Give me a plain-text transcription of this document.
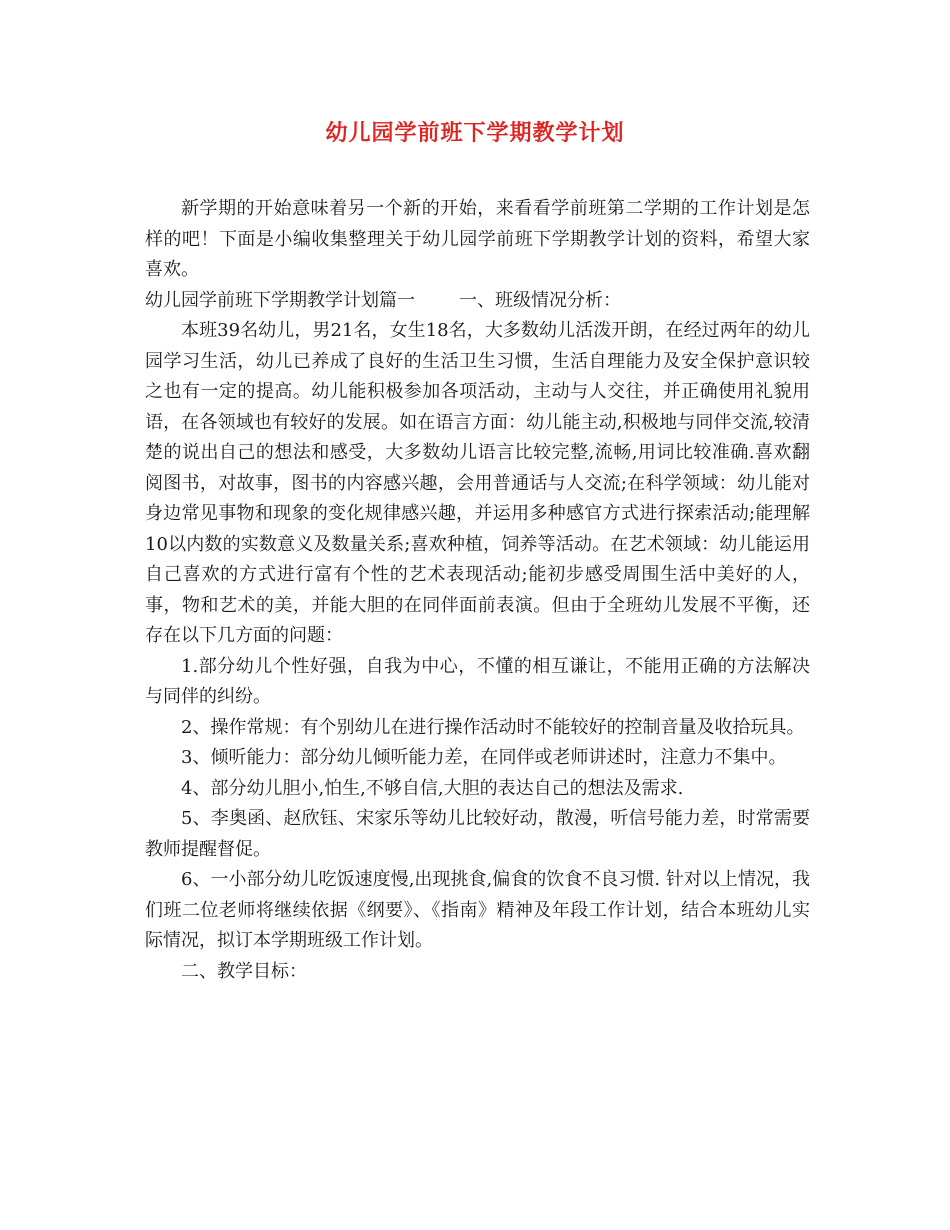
幼儿园学前班下学期教学计划

新学期的开始意味着另一个新的开始，来看看学前班第二学期的工作计划是怎样的吧！下面是小编收集整理关于幼儿园学前班下学期教学计划的资料，希望大家喜欢。

幼儿园学前班下学期教学计划篇一 一、班级情况分析：

本班39名幼儿，男21名，女生18名，大多数幼儿活泼开朗，在经过两年的幼儿园学习生活，幼儿已养成了良好的生活卫生习惯，生活自理能力及安全保护意识较之也有一定的提高。幼儿能积极参加各项活动，主动与人交往，并正确使用礼貌用语，在各领域也有较好的发展。如在语言方面：幼儿能主动,积极地与同伴交流,较清楚的说出自己的想法和感受，大多数幼儿语言比较完整,流畅,用词比较准确.喜欢翻阅图书，对故事，图书的内容感兴趣，会用普通话与人交流;在科学领域：幼儿能对身边常见事物和现象的变化规律感兴趣，并运用多种感官方式进行探索活动;能理解10以内数的实数意义及数量关系;喜欢种植，饲养等活动。在艺术领域：幼儿能运用自己喜欢的方式进行富有个性的艺术表现活动;能初步感受周围生活中美好的人，事，物和艺术的美，并能大胆的在同伴面前表演。但由于全班幼儿发展不平衡，还存在以下几方面的问题：

1.部分幼儿个性好强，自我为中心，不懂的相互谦让，不能用正确的方法解决与同伴的纠纷。

2、操作常规：有个别幼儿在进行操作活动时不能较好的控制音量及收拾玩具。

3、倾听能力：部分幼儿倾听能力差，在同伴或老师讲述时，注意力不集中。

4、部分幼儿胆小,怕生,不够自信,大胆的表达自己的想法及需求.

5、李奥函、赵欣钰、宋家乐等幼儿比较好动，散漫，听信号能力差，时常需要教师提醒督促。

6、一小部分幼儿吃饭速度慢,出现挑食,偏食的饮食不良习惯. 针对以上情况，我们班二位老师将继续依据《纲要》、《指南》精神及年段工作计划，结合本班幼儿实际情况，拟订本学期班级工作计划。

二、教学目标：
